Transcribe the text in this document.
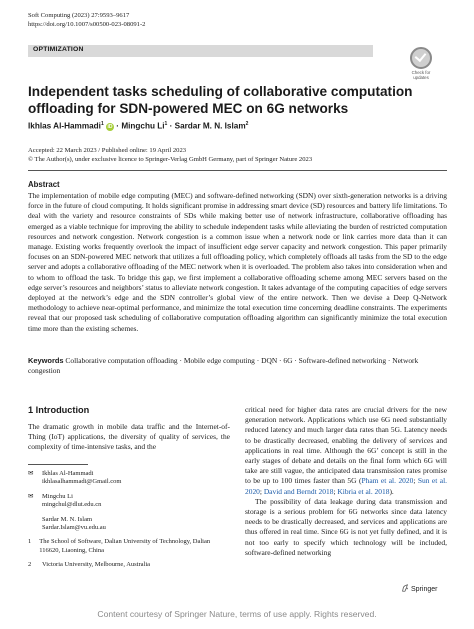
Soft Computing (2023) 27:9593–9617
https://doi.org/10.1007/s00500-023-08091-2
OPTIMIZATION
Check for
updates
Independent tasks scheduling of collaborative computation offloading for SDN-powered MEC on 6G networks
Ikhlas Al-Hammadi$^1$ iD · Mingchu $Li^1$ · Sardar M. N. Islam$^2$
Accepted: 22 March 2023 / Published online: 19 April 2023
© The Author(s), under exclusive licence to Springer-Verlag GmbH Germany, part of Springer Nature 2023
Abstract
The implementation of mobile edge computing (MEC) and software-defined networking (SDN) over sixth-generation networks is a driving force in the future of cloud computing. It holds significant promise in addressing smart device (SD) resources and battery life limitations. To deal with the variety and resource constraints of SDs while making better use of network infrastructure, collaborative offloading has emerged as a viable technique for improving the ability to schedule independent tasks while alleviating the burden of restricted computation resources and network congestion. Network congestion is a common issue when a network node or link carries more data than it can manage. Existing works frequently overlook the impact of insufficient edge server capacity and network congestion. This paper primarily focuses on an SDN-powered MEC network that utilizes a full offloading policy, which completely offloads all tasks from the SD to the edge server and adopts a collaborative offloading of the MEC network when it is overloaded. The problem also takes into consideration when and to whom to offload the task. To bridge this gap, we first implement a collaborative offloading scheme among MEC servers based on the edge server’s resources and neighbors’ status to alleviate network congestion. It takes advantage of the computing capacities of edge servers deployed at the network’s edge and the SDN controller’s global view of the entire network. Then we devise a Deep Q-Network methodology to achieve near-optimal performance, and minimize the total execution time concerning deadline constraints. The experiments reveal that our proposed task scheduling of collaborative computation offloading algorithm can significantly minimize the total execution time more than the existing schemes.
Keywords Collaborative computation offloading · Mobile edge computing · DQN · 6G · Software-defined networking · Network congestion
1 Introduction
The dramatic growth in mobile data traffic and the Internet-of-Thing (IoT) applications, the diversity of quality of services, the complexity of time-intensive tasks, and the

critical need for higher data rates are crucial drivers for the new generation network. Applications which use 6G need substantially reduced latency and much larger data rates than 5G. Latency needs to be drastically decreased, enabling the delivery of services and applications in real time. Although the 6G’ concept is still in the early stages of debate and details on the final form which 6G will take are still vague, the anticipated data transmission rates promise to be up to 100 times faster than 5G (Pham et al. 2020; Sun et al. 2020; David and Berndt 2018; Kibria et al. 2018).

The possibility of data leakage during data transmission and storage is a serious problem for 6G networks since data latency needs to be drastically decreased, and services and applications are thus offered in real time. Since 6G is not yet fully defined, and it is not too early to specify which technology will be included, software-defined networking

✉ Ikhlas Al-Hammadi
ikhlasalhammadi@Gmail.com
✉ Mingchu Li
mingchul@dlut.edu.cn
Sardar M. N. Islam
Sardar.Islam@vu.edu.au
1	The School of Software, Dalian University of Technology, Dalian 116620, Liaoning, China
2	Victoria University, Melbourne, Australia
Springer
Content courtesy of Springer Nature, terms of use apply. Rights reserved.
